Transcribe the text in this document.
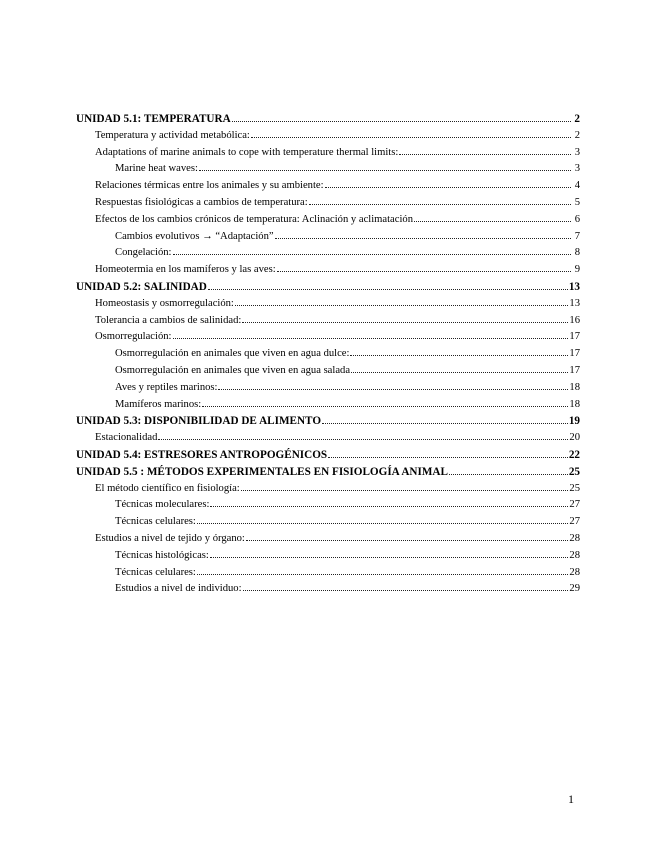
UNIDAD 5.1: TEMPERATURA	2
Temperatura y actividad metabólica:	2
Adaptations of marine animals to cope with temperature thermal limits:	3
Marine heat waves:	3
Relaciones térmicas entre los animales y su ambiente:	4
Respuestas fisiológicas a cambios de temperatura:	5
Efectos de los cambios crónicos de temperatura: Aclinación y aclimatación	6
Cambios evolutivos → “Adaptación”	7
Congelación:	8
Homeotermia en los mamíferos y las aves:	9
UNIDAD 5.2: SALINIDAD	13
Homeostasis y osmorregulación:	13
Tolerancia a cambios de salinidad:	16
Osmorregulación:	17
Osmorregulación en animales que viven en agua dulce:	17
Osmorregulación en animales que viven en agua salada	17
Aves y reptiles marinos:	18
Mamíferos marinos:	18
UNIDAD 5.3: DISPONIBILIDAD DE ALIMENTO	19
Estacionalidad	20
UNIDAD 5.4: ESTRESORES ANTROPOGÉNICOS	22
UNIDAD 5.5 : MÉTODOS EXPERIMENTALES EN FISIOLOGÍA ANIMAL	25
El método científico en fisiología:	25
Técnicas moleculares:	27
Técnicas celulares:	27
Estudios a nivel de tejido y órgano:	28
Técnicas histológicas:	28
Técnicas celulares:	28
Estudios a nivel de individuo:	29
1
